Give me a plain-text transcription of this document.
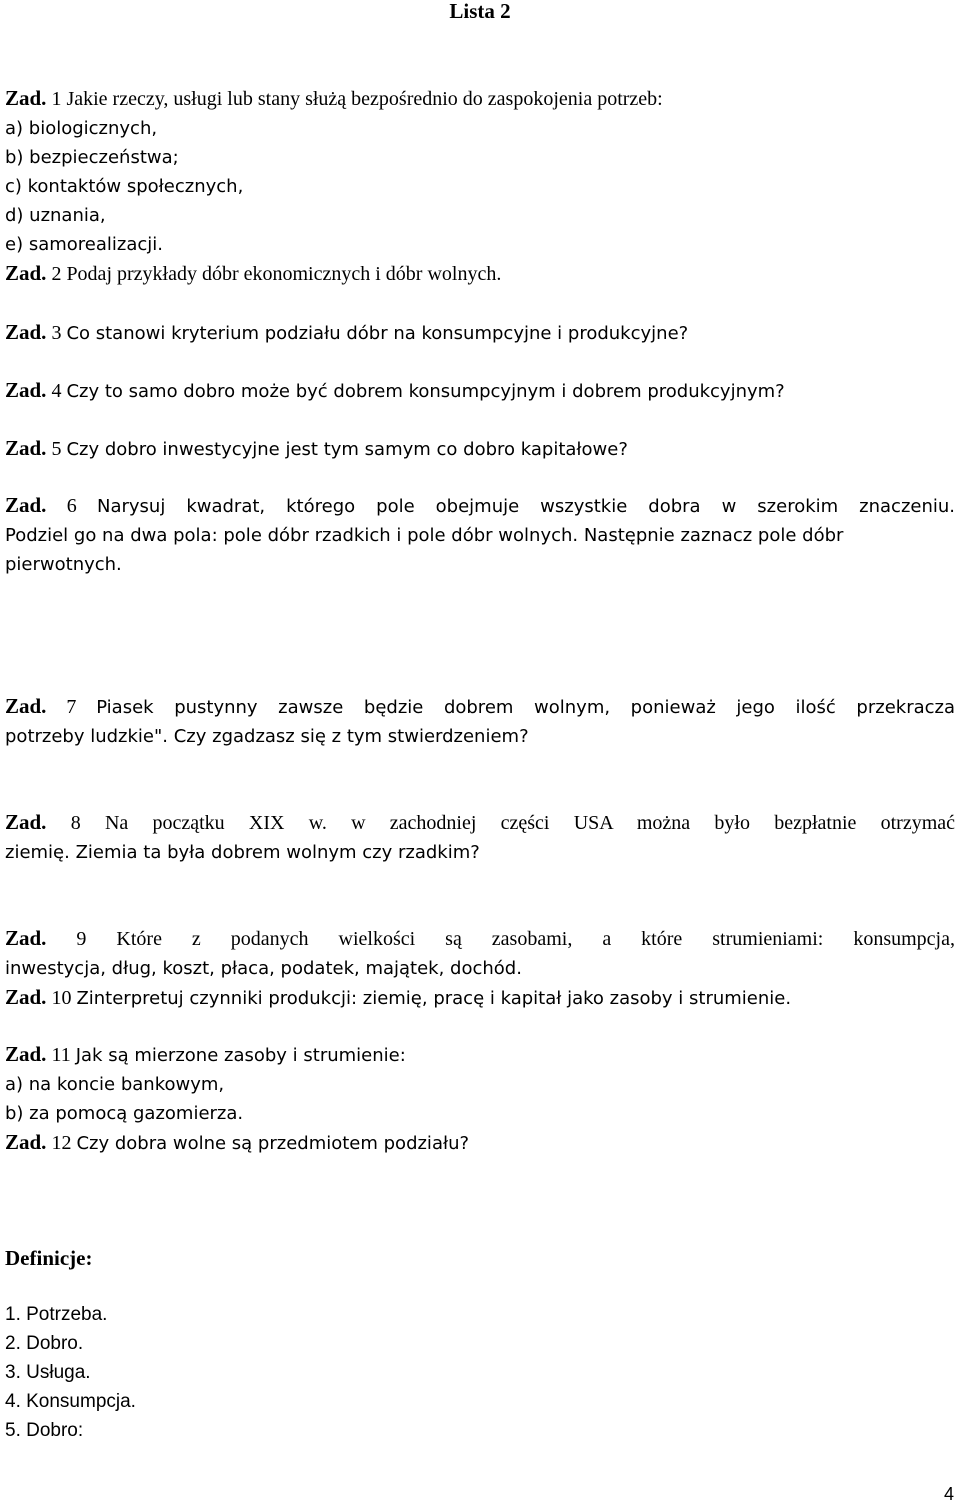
Lista 2
Zad. 1 Jakie rzeczy, usługi lub stany służą bezpośrednio do zaspokojenia potrzeb:
a) biologicznych,
b) bezpieczeństwa;
c) kontaktów społecznych,
d) uznania,
e) samorealizacji.
Zad. 2 Podaj przykłady dóbr ekonomicznych i dóbr wolnych.
Zad. 3 Co stanowi kryterium podziału dóbr na konsumpcyjne i produkcyjne?
Zad. 4 Czy to samo dobro może być dobrem konsumpcyjnym i dobrem produkcyjnym?
Zad. 5 Czy dobro inwestycyjne jest tym samym co dobro kapitałowe?
Zad. 6 Narysuj kwadrat, którego pole obejmuje wszystkie dobra w szerokim znaczeniu.
Podziel go na dwa pola: pole dóbr rzadkich i pole dóbr wolnych. Następnie zaznacz pole dóbr
pierwotnych.
Zad. 7 Piasek pustynny zawsze będzie dobrem wolnym, ponieważ jego ilość przekracza
potrzeby ludzkie". Czy zgadzasz się z tym stwierdzeniem?
Zad. 8 Na początku XIX w. w zachodniej części USA można było bezpłatnie otrzymać
ziemię. Ziemia ta była dobrem wolnym czy rzadkim?
Zad. 9 Które z podanych wielkości są zasobami, a które strumieniami: konsumpcja,
inwestycja, dług, koszt, płaca, podatek, majątek, dochód.
Zad. 10 Zinterpretuj czynniki produkcji: ziemię, pracę i kapitał jako zasoby i strumienie.
Zad. 11 Jak są mierzone zasoby i strumienie:
a) na koncie bankowym,
b) za pomocą gazomierza.
Zad. 12 Czy dobra wolne są przedmiotem podziału?
Definicje:
1. Potrzeba.
2. Dobro.
3. Usługa.
4. Konsumpcja.
5. Dobro:
4
